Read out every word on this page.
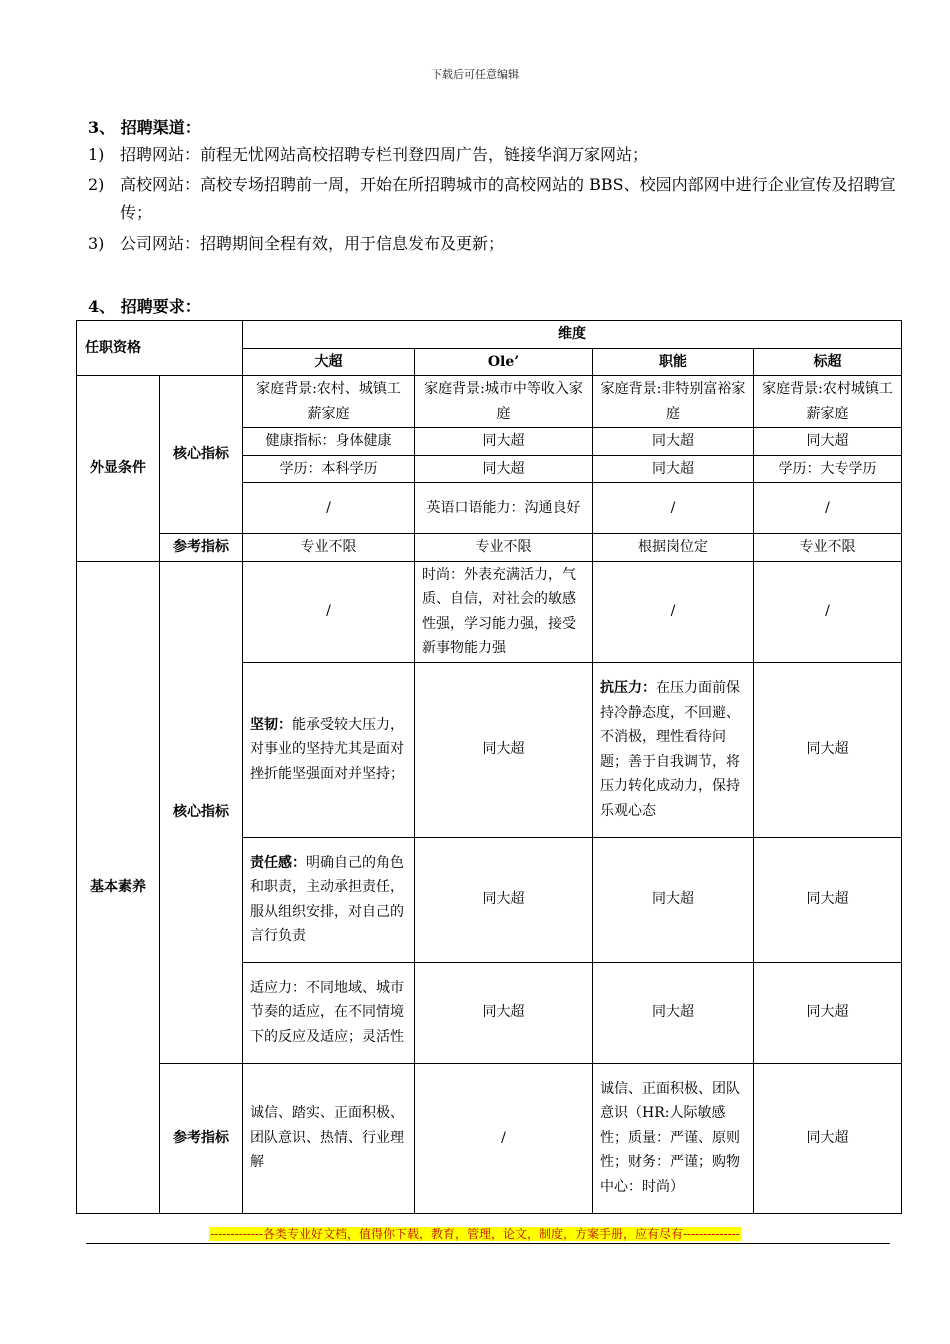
下载后可任意编辑
3、 招聘渠道：
1) 招聘网站：前程无忧网站高校招聘专栏刊登四周广告，链接华润万家网站；
2) 高校网站：高校专场招聘前一周，开始在所招聘城市的高校网站的 BBS、校园内部网中进行企业宣传及招聘宣传；
3) 公司网站：招聘期间全程有效，用于信息发布及更新；
4、 招聘要求：
任职资格		维度			
		大超	Ole’	职能	标超
外显条件	核心指标	家庭背景:农村、城镇工薪家庭	家庭背景:城市中等收入家庭	家庭背景:非特别富裕家庭	家庭背景:农村城镇工薪家庭
		健康指标：身体健康	同大超	同大超	同大超
		学历：本科学历	同大超	同大超	学历：大专学历
		/	英语口语能力：沟通良好	/	/
	参考指标	专业不限	专业不限	根据岗位定	专业不限
基本素养	核心指标	/	时尚：外表充满活力，气质、自信，对社会的敏感性强，学习能力强，接受新事物能力强	/	/
		坚韧：能承受较大压力，对事业的坚持尤其是面对挫折能坚强面对并坚持；	同大超	抗压力：在压力面前保持冷静态度，不回避、不消极，理性看待问题；善于自我调节，将压力转化成动力，保持乐观心态	同大超
		责任感：明确自己的角色和职责，主动承担责任，服从组织安排，对自己的言行负责	同大超	同大超	同大超
		适应力：不同地域、城市节奏的适应，在不同情境下的反应及适应；灵活性	同大超	同大超	同大超
	参考指标	诚信、踏实、正面积极、团队意识、热情、行业理解	/	诚信、正面积极、团队意识（HR:人际敏感性；质量：严谨、原则性；财务：严谨；购物中心：时尚）	同大超
-------------各类专业好文档，值得你下载，教育，管理，论文，制度，方案手册，应有尽有--------------
